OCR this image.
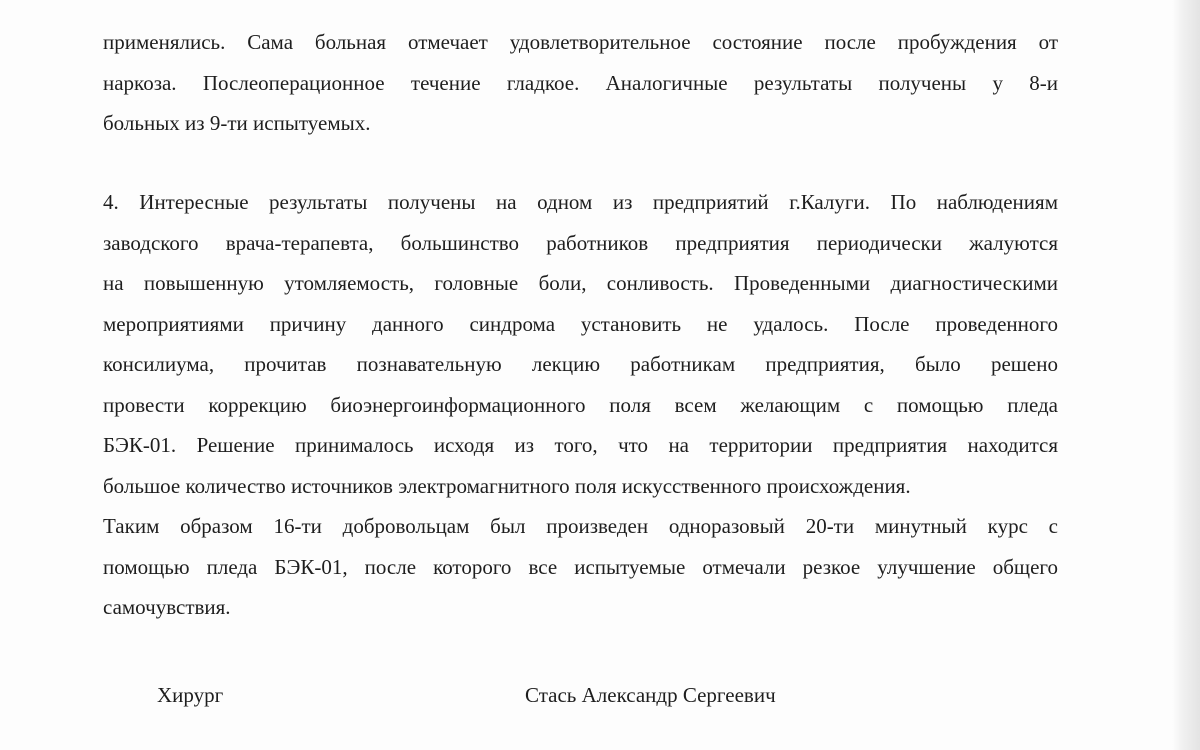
применялись. Сама больная отмечает удовлетворительное состояние после пробуждения от
наркоза. Послеоперационное течение гладкое. Аналогичные результаты получены у 8-и
больных из 9-ти испытуемых.
4. Интересные результаты получены на одном из предприятий г.Калуги. По наблюдениям
заводского врача-терапевта, большинство работников предприятия периодически жалуются
на повышенную утомляемость, головные боли, сонливость. Проведенными диагностическими
мероприятиями причину данного синдрома установить не удалось. После проведенного
консилиума, прочитав познавательную лекцию работникам предприятия, было решено
провести коррекцию биоэнергоинформационного поля всем желающим с помощью пледа
БЭК-01. Решение принималось исходя из того, что на территории предприятия находится
большое количество источников электромагнитного поля искусственного происхождения.
Таким образом 16-ти добровольцам был произведен одноразовый 20-ти минутный курс с
помощью пледа БЭК-01, после которого все испытуемые отмечали резкое улучшение общего
самочувствия.
Хирург	Стась Александр Сергеевич
